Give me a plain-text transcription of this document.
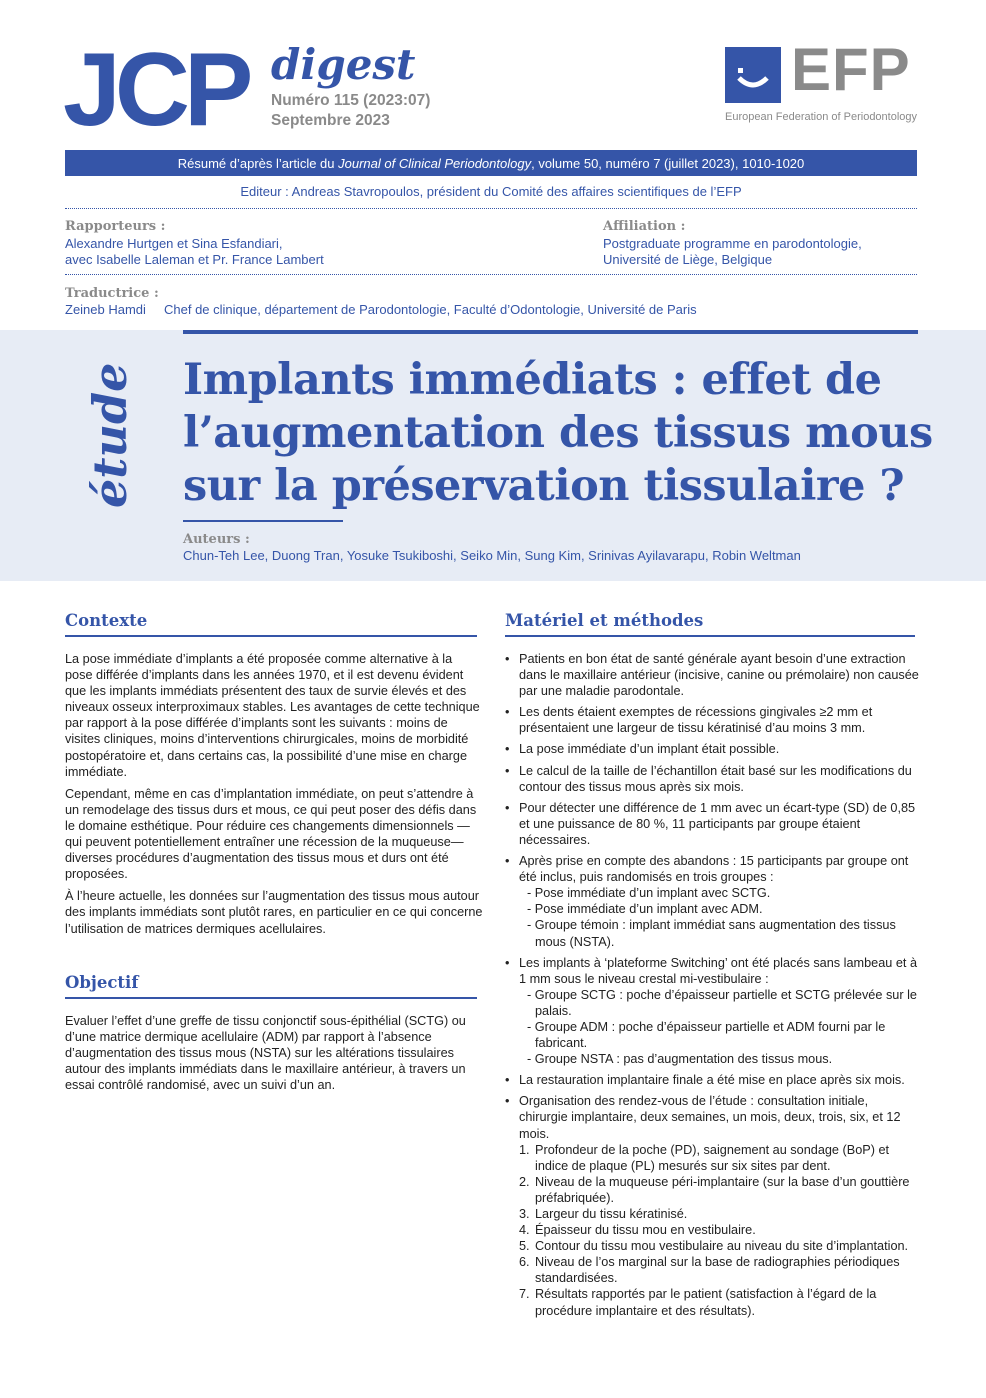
JCP digest
Numéro 115 (2023:07)
Septembre 2023
EFP
European Federation of Periodontology
Résumé d’après l’article du
Journal of Clinical Periodontology , volume 50, numéro 7 (juillet 2023), 1010-1020
Editeur : Andreas Stavropoulos, président du Comité des affaires scientifiques de l’EFP
Rapporteurs :
Alexandre Hurtgen et Sina Esfandiari,
avec Isabelle Laleman et Pr. France Lambert
Affiliation :
Postgraduate programme en parodontologie,
Université de Liège, Belgique
Traductrice :
Zeineb Hamdi Chef de clinique, département de Parodontologie, Faculté d’Odontologie, Université de Paris
étude Implants immédiats : effet de
l’augmentation des tissus mous
sur la préservation tissulaire ?
Auteurs :
Chun-Teh Lee, Duong Tran, Yosuke Tsukiboshi, Seiko Min, Sung Kim, Srinivas Ayilavarapu, Robin Weltman
Contexte

La pose immédiate d’implants a été proposée comme alternative à la pose différée d’implants dans les années 1970, et il est devenu évident que les implants immédiats présentent des taux de survie élevés et des niveaux osseux interproximaux stables. Les avantages de cette technique par rapport à la pose différée d’implants sont les suivants : moins de visites cliniques, moins d’interventions chirurgicales, moins de morbidité postopératoire et, dans certains cas, la possibilité d’une mise en charge immédiate.

Cependant, même en cas d’implantation immédiate, on peut s’attendre à un remodelage des tissus durs et mous, ce qui peut poser des défis dans le domaine esthétique. Pour réduire ces changements dimensionnels —qui peuvent potentiellement entraîner une récession de la muqueuse— diverses procédures d’augmentation des tissus mous et durs ont été proposées.

À l’heure actuelle, les données sur l’augmentation des tissus mous autour des implants immédiats sont plutôt rares, en particulier en ce qui concerne l’utilisation de matrices dermiques acellulaires.

Objectif

Evaluer l’effet d’une greffe de tissu conjonctif sous-épithélial (SCTG) ou d’une matrice dermique acellulaire (ADM) par rapport à l’absence d’augmentation des tissus mous (NSTA) sur les altérations tissulaires autour des implants immédiats dans le maxillaire antérieur, à travers un essai contrôlé randomisé, avec un suivi d’un an.

Matériel et méthodes
• Patients en bon état de santé générale ayant besoin d’une extraction dans le maxillaire antérieur (incisive, canine ou prémolaire) non causée par une maladie parodontale.
• Les dents étaient exemptes de récessions gingivales ≥2 mm et présentaient une largeur de tissu kératinisé d’au moins 3 mm.
• La pose immédiate d’un implant était possible.
• Le calcul de la taille de l’échantillon était basé sur les modifications du contour des tissus mous après six mois.
• Pour détecter une différence de 1 mm avec un écart-type (SD) de 0,85 et une puissance de 80 %, 11 participants par groupe étaient nécessaires.
• Après prise en compte des abandons : 15 participants par groupe ont été inclus, puis randomisés en trois groupes :
- Pose immédiate d’un implant avec SCTG.
- Pose immédiate d’un implant avec ADM.
- Groupe témoin : implant immédiat sans augmentation des tissus mous (NSTA).
• Les implants à ‘plateforme Switching’ ont été placés sans lambeau et à 1 mm sous le niveau crestal mi-vestibulaire :
- Groupe SCTG : poche d’épaisseur partielle et SCTG prélevée sur le palais.
- Groupe ADM : poche d’épaisseur partielle et ADM fourni par le fabricant.
- Groupe NSTA : pas d’augmentation des tissus mous.
• La restauration implantaire finale a été mise en place après six mois.
• Organisation des rendez-vous de l’étude : consultation initiale, chirurgie implantaire, deux semaines, un mois, deux, trois, six, et 12 mois.
1. Profondeur de la poche (PD), saignement au sondage (BoP) et indice de plaque (PL) mesurés sur six sites par dent.
2. Niveau de la muqueuse péri-implantaire (sur la base d’un gouttière préfabriquée).
3. Largeur du tissu kératinisé.
4. Épaisseur du tissu mou en vestibulaire.
5. Contour du tissu mou vestibulaire au niveau du site d’implantation.
6. Niveau de l’os marginal sur la base de radiographies périodiques standardisées.
7. Résultats rapportés par le patient (satisfaction à l’égard de la procédure implantaire et des résultats).
